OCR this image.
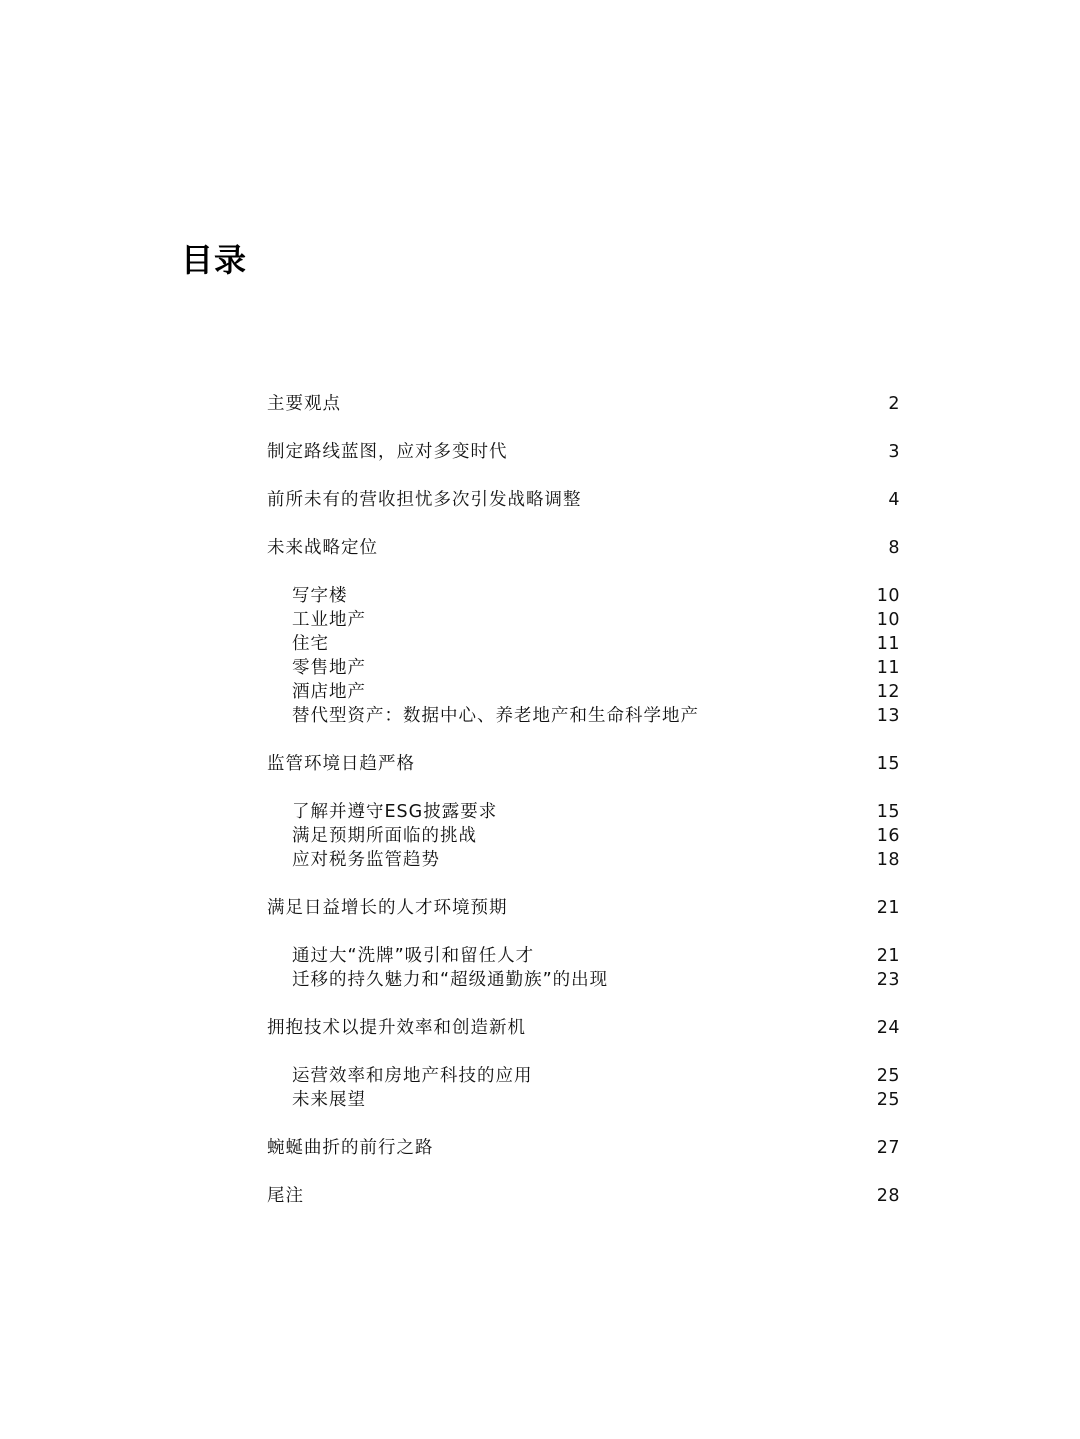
目录
主要观点	2
制定路线蓝图，应对多变时代	3
前所未有的营收担忧多次引发战略调整	4
未来战略定位	8
写字楼	10
工业地产	10
住宅	11
零售地产	11
酒店地产	12
替代型资产：数据中心、养老地产和生命科学地产	13
监管环境日趋严格	15
了解并遵守ESG披露要求	15
满足预期所面临的挑战	16
应对税务监管趋势	18
满足日益增长的人才环境预期	21
通过大“洗牌”吸引和留任人才	21
迁移的持久魅力和“超级通勤族”的出现	23
拥抱技术以提升效率和创造新机	24
运营效率和房地产科技的应用	25
未来展望	25
蜿蜒曲折的前行之路	27
尾注	28
